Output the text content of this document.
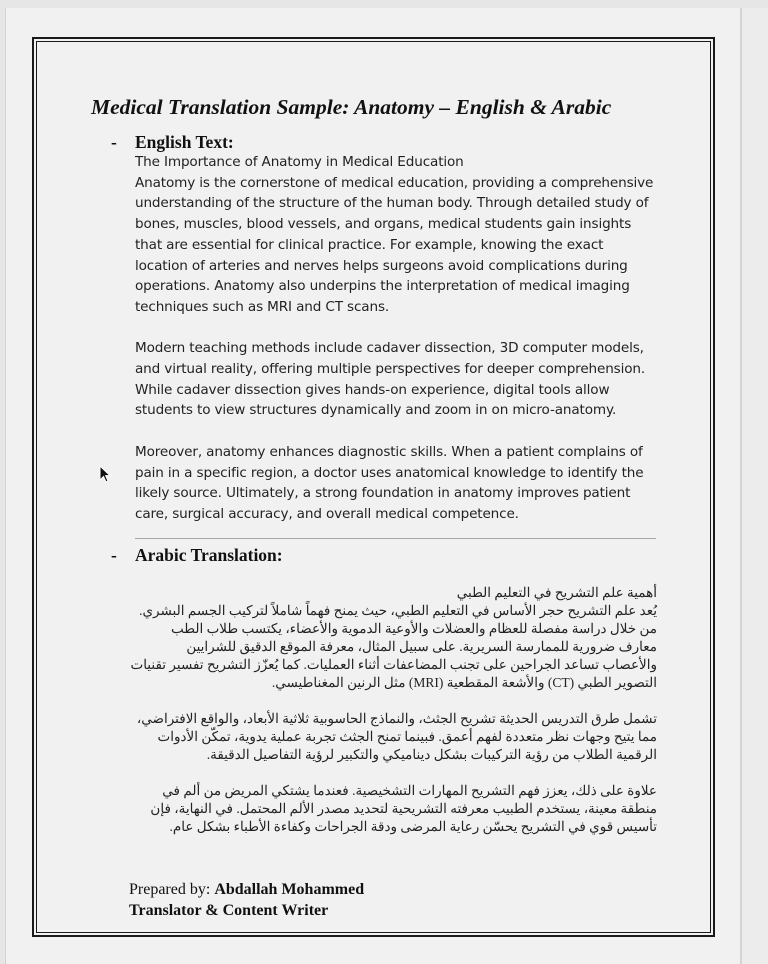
Medical Translation Sample: Anatomy – English & Arabic
- English Text:

The Importance of Anatomy in Medical Education

Anatomy is the cornerstone of medical education, providing a comprehensive understanding of the structure of the human body. Through detailed study of bones, muscles, blood vessels, and organs, medical students gain insights that are essential for clinical practice. For example, knowing the exact location of arteries and nerves helps surgeons avoid complications during operations. Anatomy also underpins the interpretation of medical imaging techniques such as MRI and CT scans.

Modern teaching methods include cadaver dissection, 3D computer models, and virtual reality, offering multiple perspectives for deeper comprehension. While cadaver dissection gives hands-on experience, digital tools allow students to view structures dynamically and zoom in on micro-anatomy.

Moreover, anatomy enhances diagnostic skills. When a patient complains of pain in a specific region, a doctor uses anatomical knowledge to identify the likely source. Ultimately, a strong foundation in anatomy improves patient care, surgical accuracy, and overall medical competence.

- Arabic Translation:

أهمية علم التشريح في التعليم الطبي

يُعد علم التشريح حجر الأساس في التعليم الطبي، حيث يمنح فهماً شاملاً لتركيب الجسم البشري. من خلال دراسة مفصلة للعظام والعضلات والأوعية الدموية والأعضاء، يكتسب طلاب الطب معارف ضرورية للممارسة السريرية. على سبيل المثال، معرفة الموقع الدقيق للشرايين والأعصاب تساعد الجراحين على تجنب المضاعفات أثناء العمليات. كما يُعزّز التشريح تفسير تقنيات التصوير الطبي (CT) والأشعة المقطعية (MRI) مثل الرنين المغناطيسي.

تشمل طرق التدريس الحديثة تشريح الجثث، والنماذج الحاسوبية ثلاثية الأبعاد، والواقع الافتراضي، مما يتيح وجهات نظر متعددة لفهم أعمق. فبينما تمنح الجثث تجربة عملية يدوية، تمكّن الأدوات الرقمية الطلاب من رؤية التركيبات بشكل ديناميكي والتكبير لرؤية التفاصيل الدقيقة.

علاوة على ذلك، يعزز فهم التشريح المهارات التشخيصية. فعندما يشتكي المريض من ألم في منطقة معينة، يستخدم الطبيب معرفته التشريحية لتحديد مصدر الألم المحتمل. في النهاية، فإن تأسيس قوي في التشريح يحسّن رعاية المرضى ودقة الجراحات وكفاءة الأطباء بشكل عام.

Prepared by: Abdallah Mohammed
Translator & Content Writer
